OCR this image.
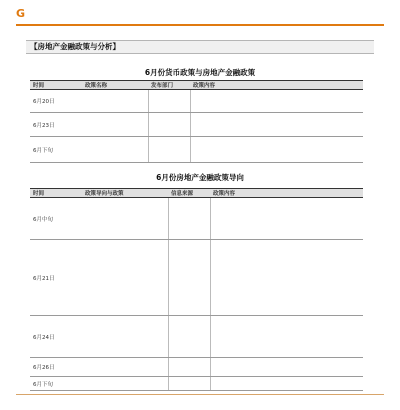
G
【房地产金融政策与分析】
6月份货币政策与房地产金融政策
时间	政策名称	发布部门	政策内容
6月20日			
6月23日			
6月下旬			
6月份房地产金融政策导向
时间	政策导向与政策	信息来源	政策内容
6月中旬			
6月21日			
6月24日			
6月26日			
6月下旬			
